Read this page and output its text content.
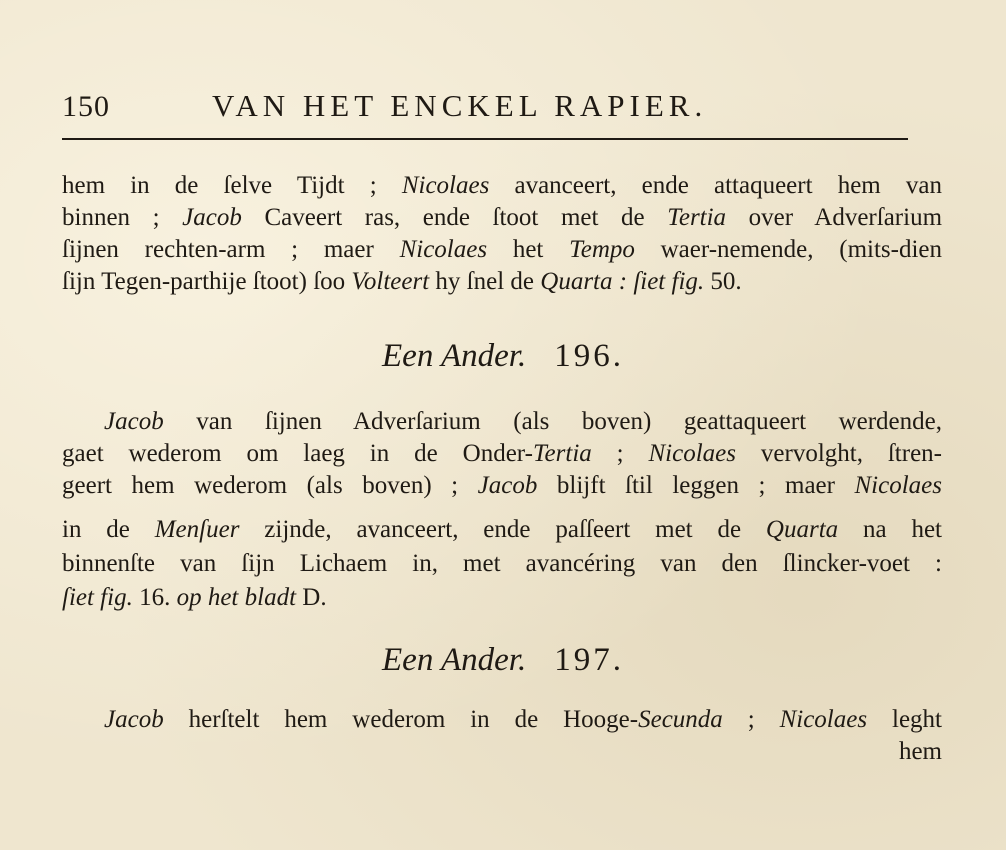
150	VAN HET ENCKEL RAPIER.
hem in de ſelve Tijdt ; Nicolaes avanceert, ende attaqueert hem van
binnen ; Jacob Caveert ras, ende ſtoot met de Tertia over Adverſarium
ſijnen rechten-arm ; maer Nicolaes het Tempo waer-nemende, (mits-dien
ſijn Tegen-parthije ſtoot) ſoo Volteert hy ſnel de Quarta : ſiet fig. 50.
Een Ander. 196.
Jacob van ſijnen Adverſarium (als boven) geattaqueert werdende,
gaet wederom om laeg in de Onder-Tertia ; Nicolaes vervolght, ſtren-
geert hem wederom (als boven) ; Jacob blijft ſtil leggen ; maer Nicolaes
in de Menſuer zijnde, avanceert, ende paſſeert met de Quarta na het
binnenſte van ſijn Lichaem in, met avancéring van den ſlincker-voet :
ſiet fig. 16. op het bladt D.
Een Ander. 197.
Jacob herſtelt hem wederom in de Hooge-Secunda ; Nicolaes leght
hem
